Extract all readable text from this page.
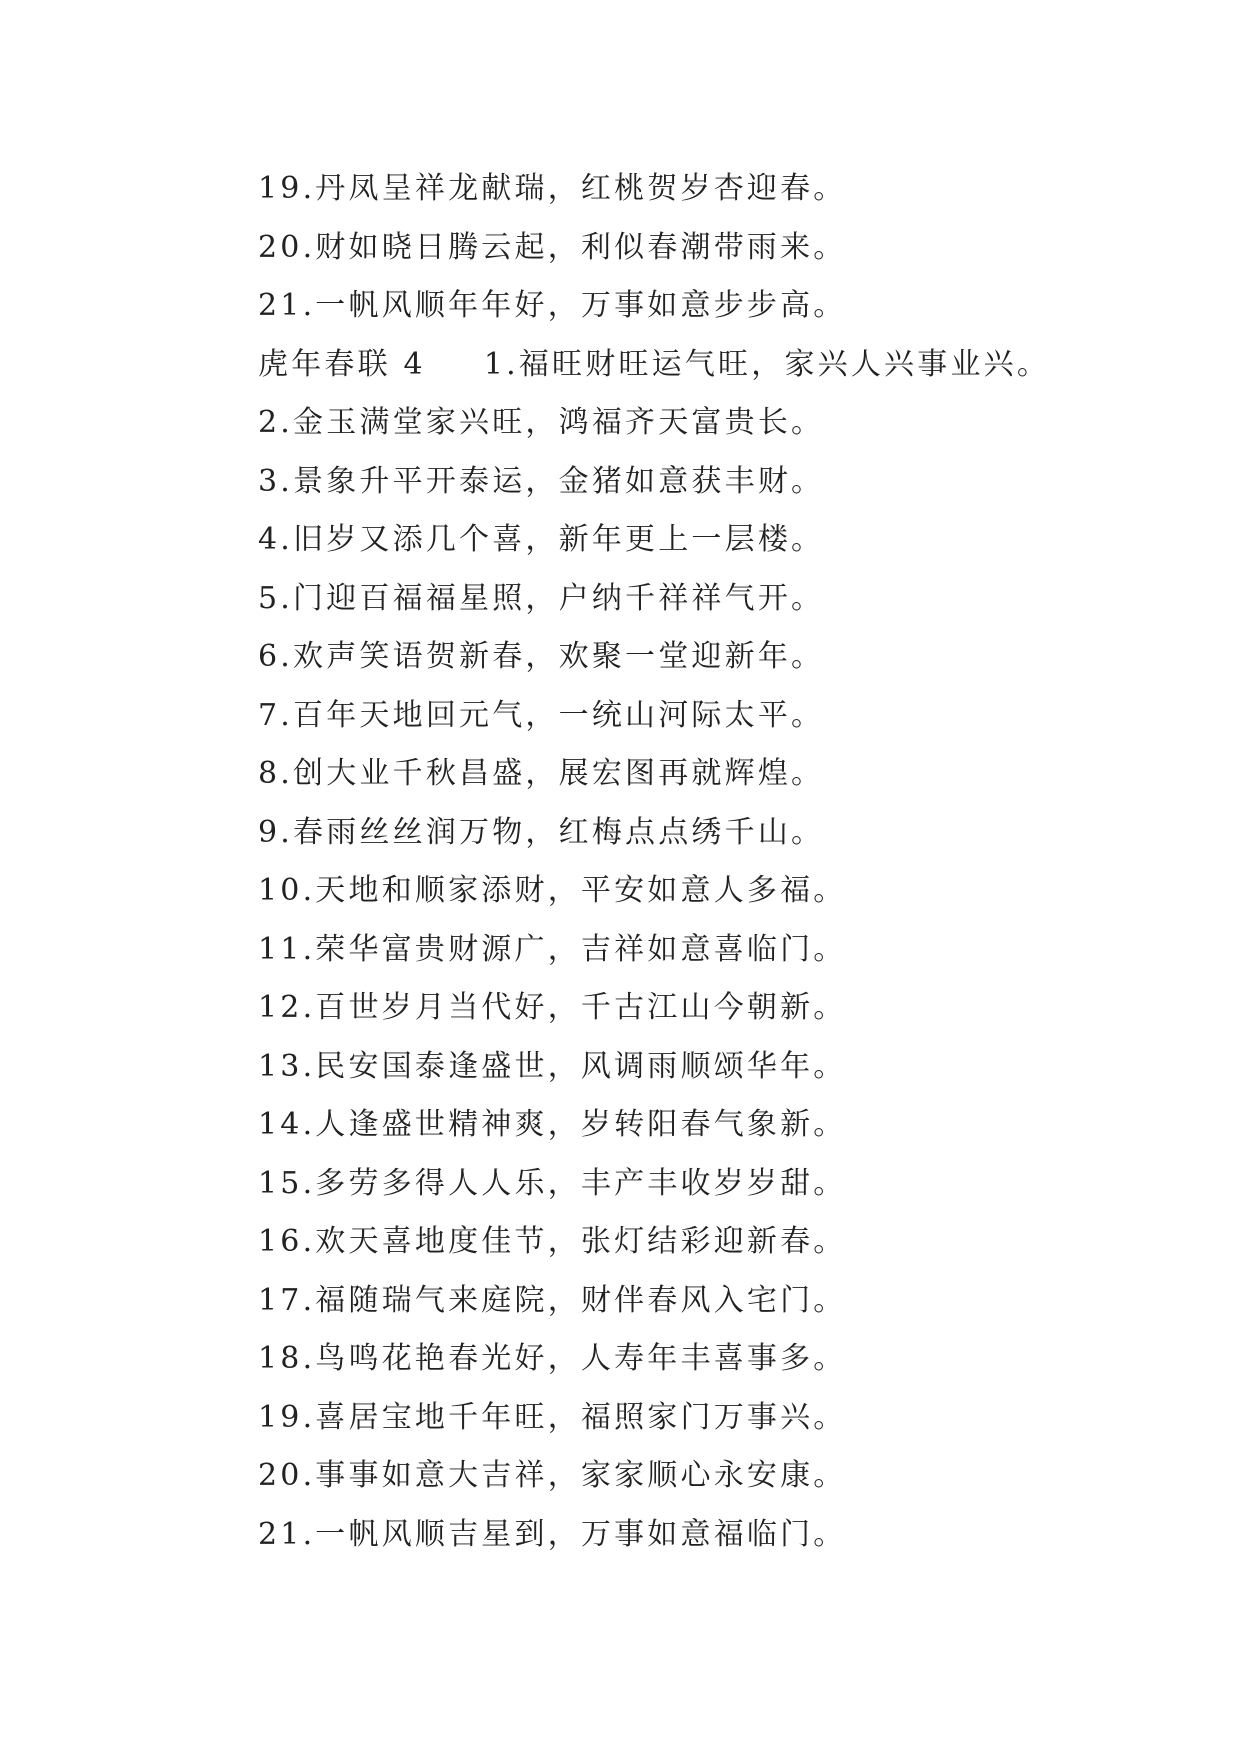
19.丹凤呈祥龙献瑞，红桃贺岁杏迎春。
20.财如晓日腾云起，利似春潮带雨来。
21.一帆风顺年年好，万事如意步步高。
虎年春联 4 1.福旺财旺运气旺，家兴人兴事业兴。
2.金玉满堂家兴旺，鸿福齐天富贵长。
3.景象升平开泰运，金猪如意获丰财。
4.旧岁又添几个喜，新年更上一层楼。
5.门迎百福福星照，户纳千祥祥气开。
6.欢声笑语贺新春，欢聚一堂迎新年。
7.百年天地回元气，一统山河际太平。
8.创大业千秋昌盛，展宏图再就辉煌。
9.春雨丝丝润万物，红梅点点绣千山。
10.天地和顺家添财，平安如意人多福。
11.荣华富贵财源广，吉祥如意喜临门。
12.百世岁月当代好，千古江山今朝新。
13.民安国泰逢盛世，风调雨顺颂华年。
14.人逢盛世精神爽，岁转阳春气象新。
15.多劳多得人人乐，丰产丰收岁岁甜。
16.欢天喜地度佳节，张灯结彩迎新春。
17.福随瑞气来庭院，财伴春风入宅门。
18.鸟鸣花艳春光好，人寿年丰喜事多。
19.喜居宝地千年旺，福照家门万事兴。
20.事事如意大吉祥，家家顺心永安康。
21.一帆风顺吉星到，万事如意福临门。
